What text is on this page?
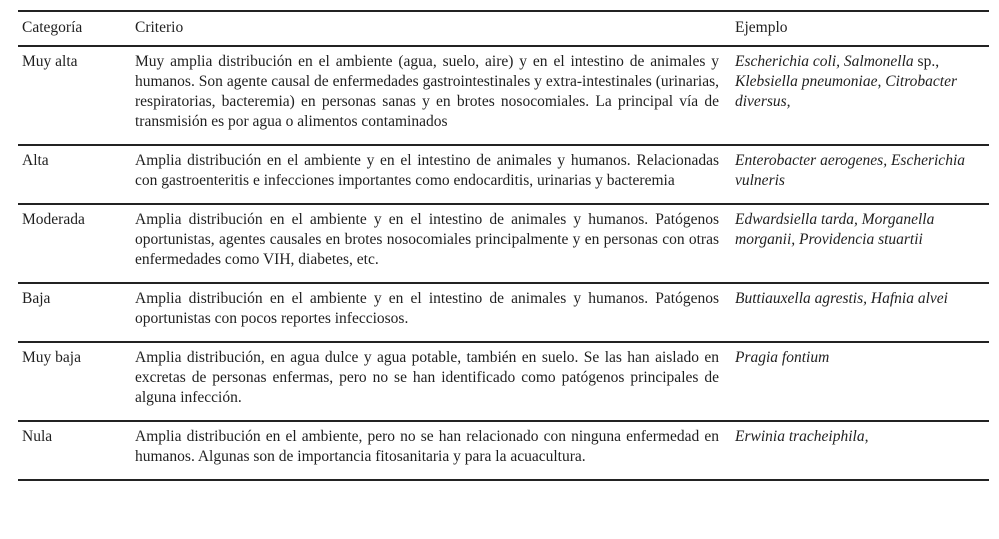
Categoría	Criterio	Ejemplo
Muy alta	Muy amplia distribución en el ambiente (agua, suelo, aire) y en el intestino de animales y humanos. Son agente causal de enfermedades gastrointestinales y extra-intestinales (urinarias, respiratorias, bacteremia) en personas sanas y en brotes nosocomiales. La principal vía de transmisión es por agua o alimentos contaminados	Escherichia coli, Salmonella sp., Klebsiella pneumoniae, Citrobacter diversus,
Alta	Amplia distribución en el ambiente y en el intestino de animales y humanos. Relacionadas con gastroenteritis e infecciones importantes como endocarditis, urinarias y bacteremia	Enterobacter aerogenes, Escherichia vulneris
Moderada	Amplia distribución en el ambiente y en el intestino de animales y humanos. Patógenos oportunistas, agentes causales en brotes nosocomiales principalmente y en personas con otras enfermedades como VIH, diabetes, etc.	Edwardsiella tarda, Morganella morganii, Providencia stuartii
Baja	Amplia distribución en el ambiente y en el intestino de animales y humanos. Patógenos oportunistas con pocos reportes infecciosos.	Buttiauxella agrestis, Hafnia alvei
Muy baja	Amplia distribución, en agua dulce y agua potable, también en suelo. Se las han aislado en excretas de personas enfermas, pero no se han identificado como patógenos principales de alguna infección.	Pragia fontium
Nula	Amplia distribución en el ambiente, pero no se han relacionado con ninguna enfermedad en humanos. Algunas son de importancia fitosanitaria y para la acuacultura.	Erwinia tracheiphila,
